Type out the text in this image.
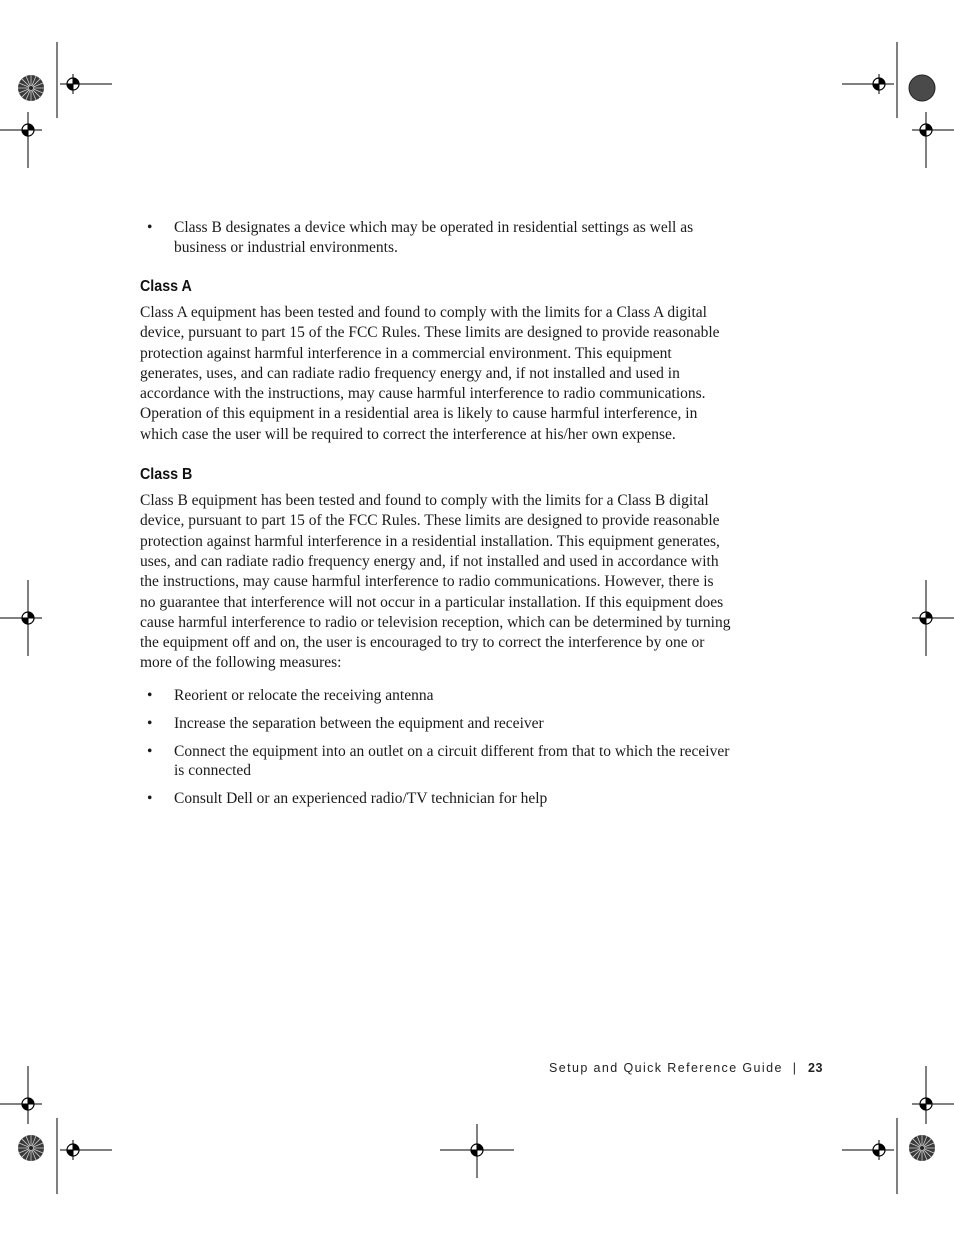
• Class B designates a device which may be operated in residential settings as well as business or industrial environments.
Class A

Class A equipment has been tested and found to comply with the limits for a Class A digital device, pursuant to part 15 of the FCC Rules. These limits are designed to provide reasonable protection against harmful interference in a commercial environment. This equipment generates, uses, and can radiate radio frequency energy and, if not installed and used in accordance with the instructions, may cause harmful interference to radio communications. Operation of this equipment in a residential area is likely to cause harmful interference, in which case the user will be required to correct the interference at his/her own expense.

Class B

Class B equipment has been tested and found to comply with the limits for a Class B digital device, pursuant to part 15 of the FCC Rules. These limits are designed to provide reasonable protection against harmful interference in a residential installation. This equipment generates, uses, and can radiate radio frequency energy and, if not installed and used in accordance with the instructions, may cause harmful interference to radio communications. However, there is no guarantee that interference will not occur in a particular installation. If this equipment does cause harmful interference to radio or television reception, which can be determined by turning the equipment off and on, the user is encouraged to try to correct the interference by one or more of the following measures:

• Reorient or relocate the receiving antenna
• Increase the separation between the equipment and receiver
• Connect the equipment into an outlet on a circuit different from that to which the receiver is connected
• Consult Dell or an experienced radio/TV technician for help
Setup and Quick Reference Guide | 23
